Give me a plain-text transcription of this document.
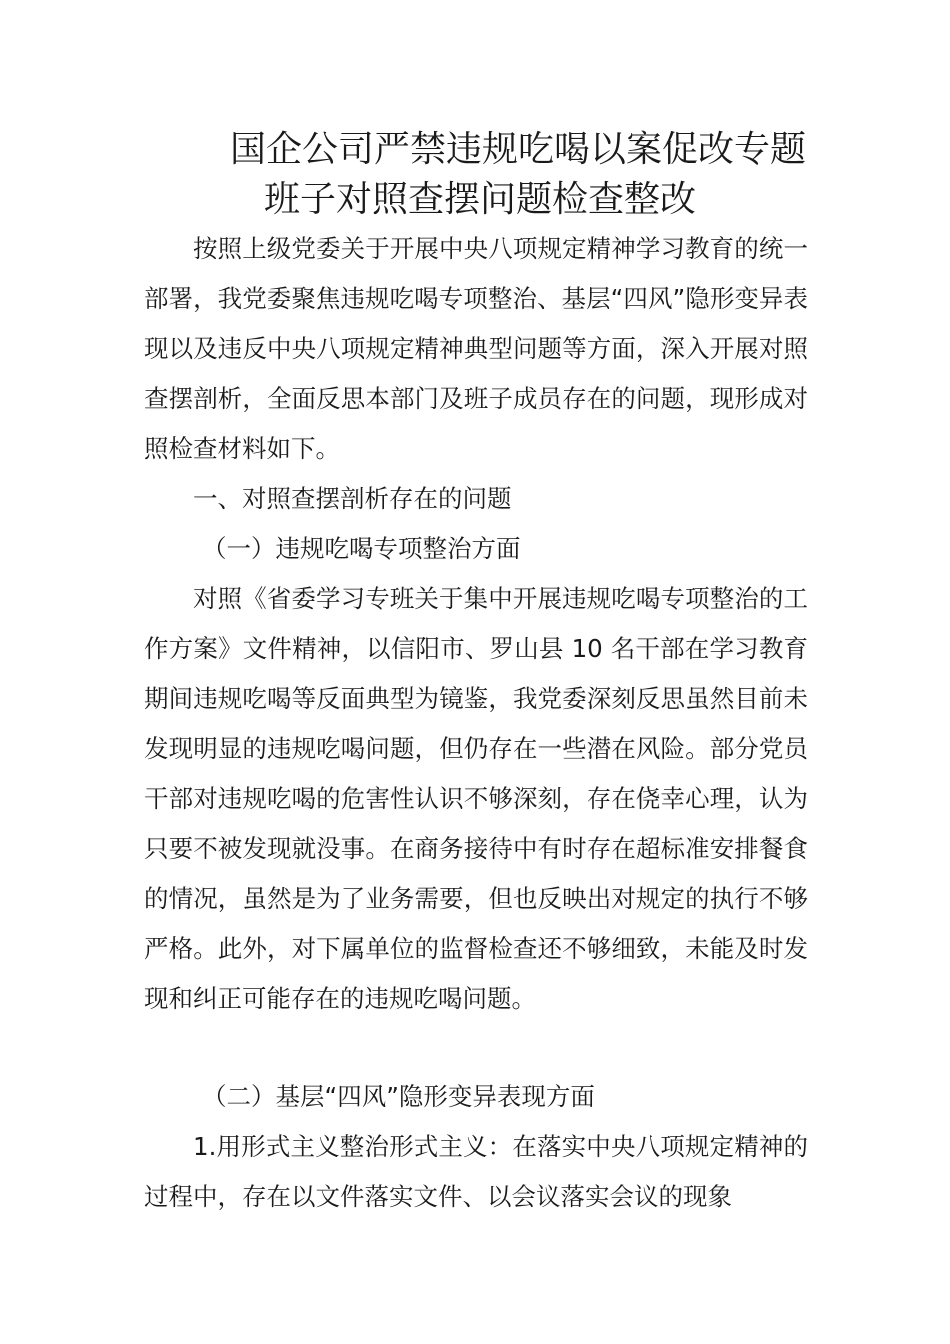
国企公司严禁违规吃喝以案促改专题
班子对照查摆问题检查整改
按照上级党委关于开展中央八项规定精神学习教育的统一部署，我党委聚焦违规吃喝专项整治、基层“四风”隐形变异表现以及违反中央八项规定精神典型问题等方面，深入开展对照查摆剖析，全面反思本部门及班子成员存在的问题，现形成对照检查材料如下。
一、对照查摆剖析存在的问题
（一）违规吃喝专项整治方面
对照《省委学习专班关于集中开展违规吃喝专项整治的工作方案》文件精神，以信阳市、罗山县 10 名干部在学习教育期间违规吃喝等反面典型为镜鉴，我党委深刻反思虽然目前未发现明显的违规吃喝问题，但仍存在一些潜在风险。部分党员干部对违规吃喝的危害性认识不够深刻，存在侥幸心理，认为只要不被发现就没事。在商务接待中有时存在超标准安排餐食的情况，虽然是为了业务需要，但也反映出对规定的执行不够严格。此外，对下属单位的监督检查还不够细致，未能及时发现和纠正可能存在的违规吃喝问题。
（二）基层“四风”隐形变异表现方面
1.用形式主义整治形式主义：在落实中央八项规定精神的过程中，存在以文件落实文件、以会议落实会议的现象
